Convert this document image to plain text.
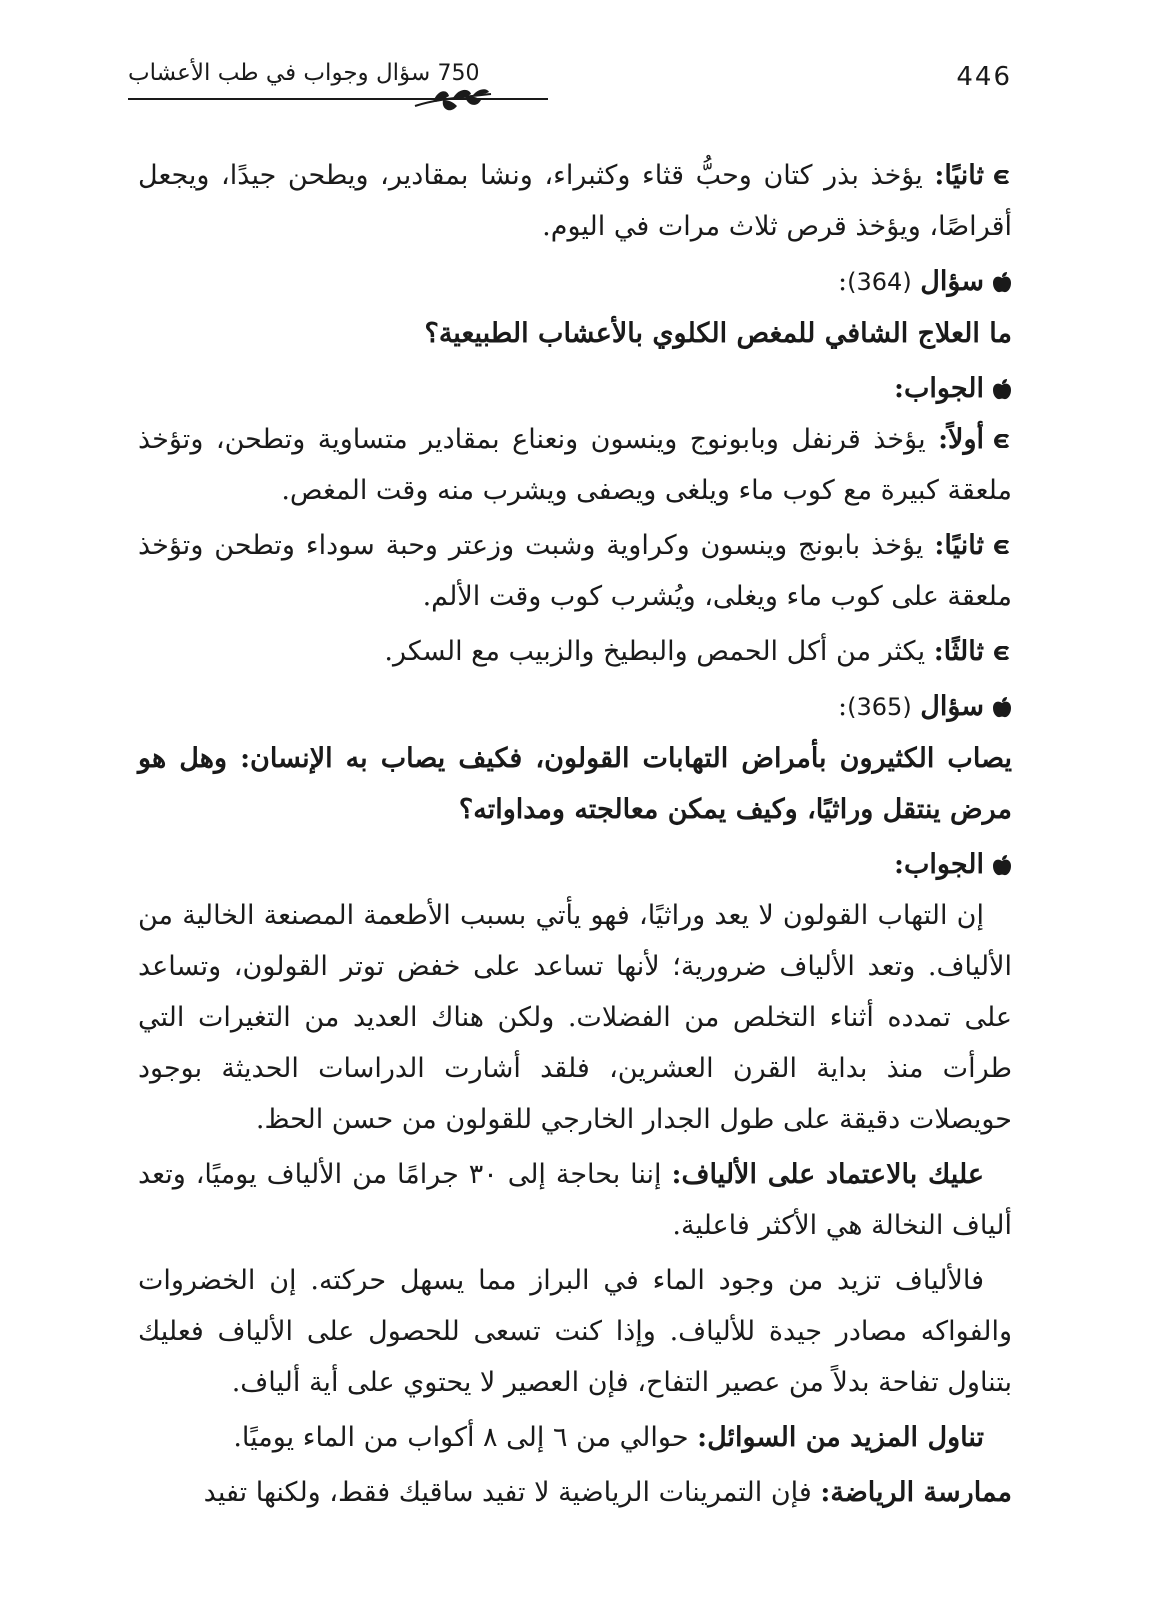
446
750 سؤال وجواب في طب الأعشاب

ثانيًا: يؤخذ بذر كتان وحبُّ قثاء وكثبراء، ونشا بمقادير، ويطحن جيدًا، ويجعل أقراصًا، ويؤخذ قرص ثلاث مرات في اليوم.

سؤال (364):

ما العلاج الشافي للمغص الكلوي بالأعشاب الطبيعية؟

الجواب:

أولاً: يؤخذ قرنفل وبابونوج وينسون ونعناع بمقادير متساوية وتطحن، وتؤخذ ملعقة كبيرة مع كوب ماء ويلغى ويصفى ويشرب منه وقت المغص.

ثانيًا: يؤخذ بابونج وينسون وكراوية وشبت وزعتر وحبة سوداء وتطحن وتؤخذ ملعقة على كوب ماء ويغلى، ويُشرب كوب وقت الألم.

ثالثًا: يكثر من أكل الحمص والبطيخ والزبيب مع السكر.

سؤال (365):

يصاب الكثيرون بأمراض التهابات القولون، فكيف يصاب به الإنسان: وهل هو مرض ينتقل وراثيًا، وكيف يمكن معالجته ومداواته؟

الجواب:

إن التهاب القولون لا يعد وراثيًا، فهو يأتي بسبب الأطعمة المصنعة الخالية من الألياف. وتعد الألياف ضرورية؛ لأنها تساعد على خفض توتر القولون، وتساعد على تمدده أثناء التخلص من الفضلات. ولكن هناك العديد من التغيرات التي طرأت منذ بداية القرن العشرين، فلقد أشارت الدراسات الحديثة بوجود حويصلات دقيقة على طول الجدار الخارجي للقولون من حسن الحظ.

عليك بالاعتماد على الألياف: إننا بحاجة إلى ٣٠ جرامًا من الألياف يوميًا، وتعد ألياف النخالة هي الأكثر فاعلية.

فالألياف تزيد من وجود الماء في البراز مما يسهل حركته. إن الخضروات والفواكه مصادر جيدة للألياف. وإذا كنت تسعى للحصول على الألياف فعليك بتناول تفاحة بدلاً من عصير التفاح، فإن العصير لا يحتوي على أية ألياف.

تناول المزيد من السوائل: حوالي من ٦ إلى ٨ أكواب من الماء يوميًا.

ممارسة الرياضة: فإن التمرينات الرياضية لا تفيد ساقيك فقط، ولكنها تفيد
